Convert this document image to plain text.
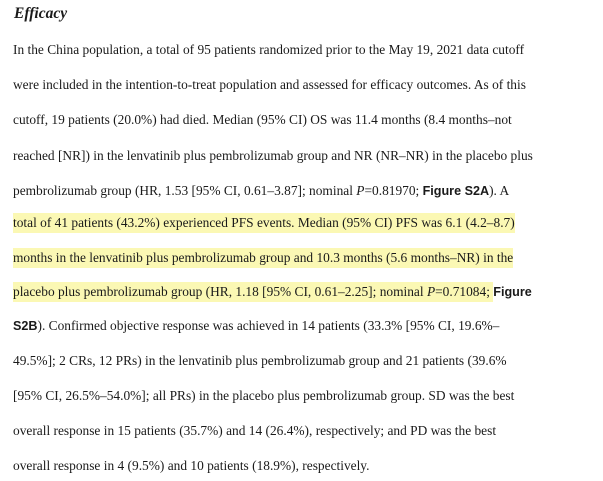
Efficacy
In the China population, a total of 95 patients randomized prior to the May 19, 2021 data cutoff
were included in the intention-to-treat population and assessed for efficacy outcomes. As of this
cutoff, 19 patients (20.0%) had died. Median (95% CI) OS was 11.4 months (8.4 months–not
reached [NR]) in the lenvatinib plus pembrolizumab group and NR (NR–NR) in the placebo plus
pembrolizumab group (HR, 1.53 [95% CI, 0.61–3.87]; nominal P=0.81970; Figure S2A). A
total of 41 patients (43.2%) experienced PFS events. Median (95% CI) PFS was 6.1 (4.2–8.7)
months in the lenvatinib plus pembrolizumab group and 10.3 months (5.6 months–NR) in the
placebo plus pembrolizumab group (HR, 1.18 [95% CI, 0.61–2.25]; nominal P=0.71084; Figure
S2B). Confirmed objective response was achieved in 14 patients (33.3% [95% CI, 19.6%–
49.5%]; 2 CRs, 12 PRs) in the lenvatinib plus pembrolizumab group and 21 patients (39.6%
[95% CI, 26.5%–54.0%]; all PRs) in the placebo plus pembrolizumab group. SD was the best
overall response in 15 patients (35.7%) and 14 (26.4%), respectively; and PD was the best
overall response in 4 (9.5%) and 10 patients (18.9%), respectively.
